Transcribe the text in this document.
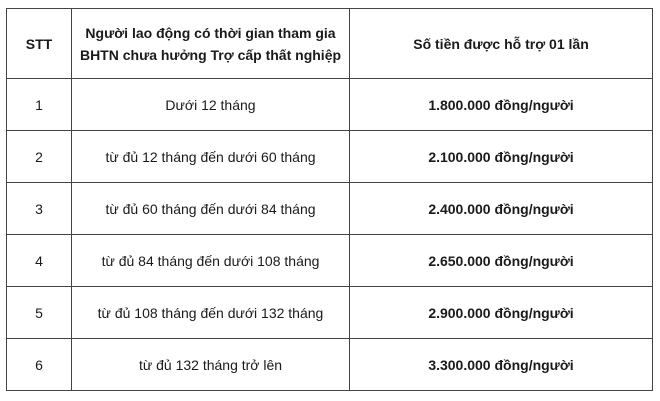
STT	Người lao động có thời gian tham gia BHTN chưa hưởng Trợ cấp thất nghiệp	Số tiền được hỗ trợ 01 lần
1	Dưới 12 tháng	1.800.000 đồng/người
2	từ đủ 12 tháng đến dưới 60 tháng	2.100.000 đồng/người
3	từ đủ 60 tháng đến dưới 84 tháng	2.400.000 đồng/người
4	từ đủ 84 tháng đến dưới 108 tháng	2.650.000 đồng/người
5	từ đủ 108 tháng đến dưới 132 tháng	2.900.000 đồng/người
6	từ đủ 132 tháng trở lên	3.300.000 đồng/người
